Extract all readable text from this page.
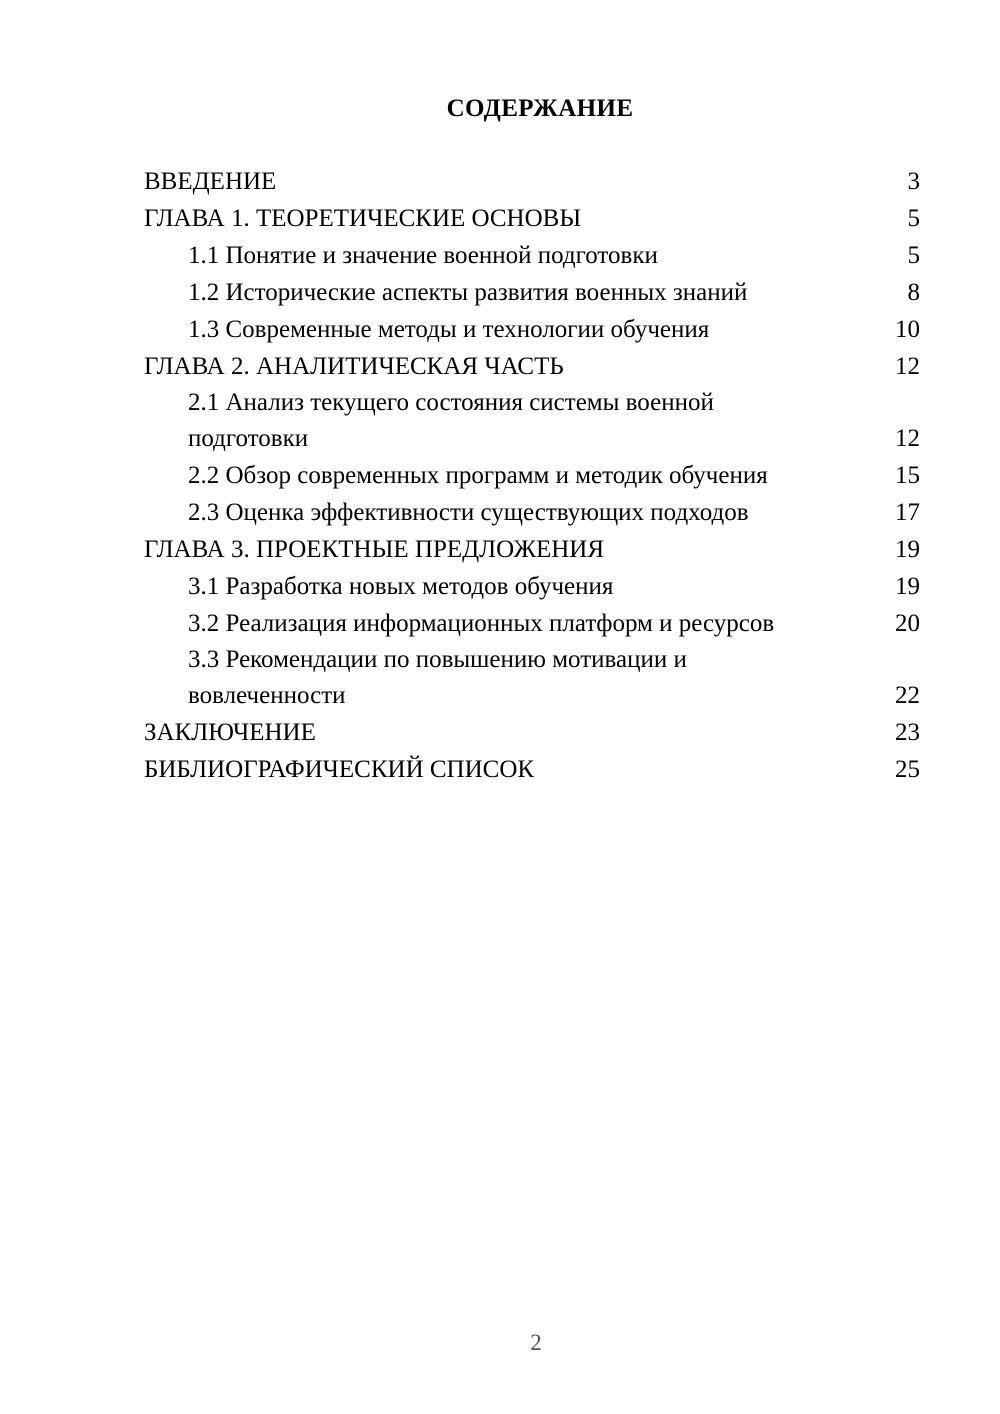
СОДЕРЖАНИЕ
ВВЕДЕНИЕ	3
ГЛАВА 1. ТЕОРЕТИЧЕСКИЕ ОСНОВЫ	5
1.1 Понятие и значение военной подготовки	5
1.2 Исторические аспекты развития военных знаний	8
1.3 Современные методы и технологии обучения	10
ГЛАВА 2. АНАЛИТИЧЕСКАЯ ЧАСТЬ	12
2.1 Анализ текущего состояния системы военной подготовки	12
2.2 Обзор современных программ и методик обучения	15
2.3 Оценка эффективности существующих подходов	17
ГЛАВА 3. ПРОЕКТНЫЕ ПРЕДЛОЖЕНИЯ	19
3.1 Разработка новых методов обучения	19
3.2 Реализация информационных платформ и ресурсов	20
3.3 Рекомендации по повышению мотивации и вовлеченности	22
ЗАКЛЮЧЕНИЕ	23
БИБЛИОГРАФИЧЕСКИЙ СПИСОК	25
2
